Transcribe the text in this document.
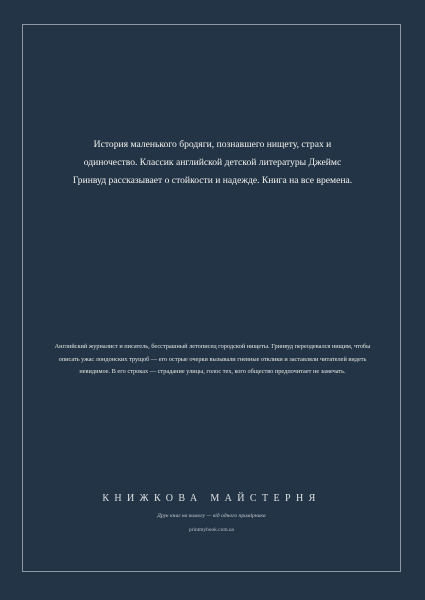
История маленького бродяги, познавшего нищету, страх и одиночество. Классик английской детской литературы Джеймс Гринвуд рассказывает о стойкости и надежде. Книга на все времена.

Английский журналист и писатель, бесстрашный летописец городской нищеты. Гринвуд переодевался нищим, чтобы описать ужас лондонских трущоб — его острые очерки вызывали гневные отклики и заставляли читателей видеть невидимое. В его строках — страдание улицы, голос тех, кого общество предпочитает не замечать.

КНИЖКОВА МАЙСТЕРНЯ
Друк книг на вимогу — від одного примірника
printmybook.com.ua
